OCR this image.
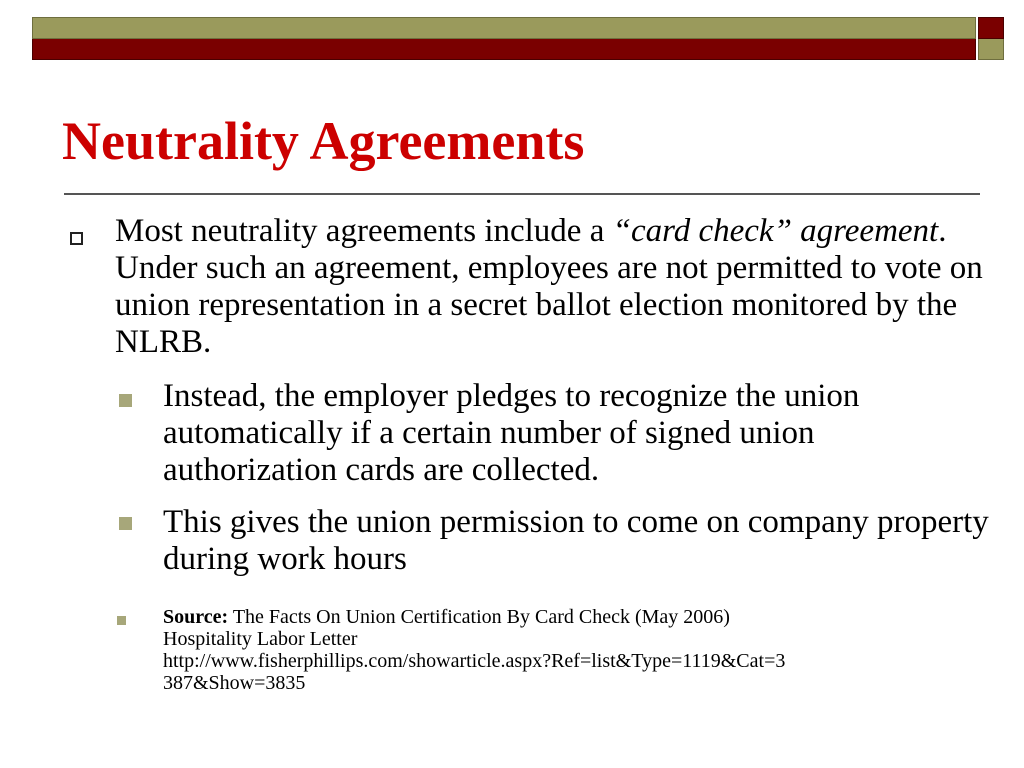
Neutrality Agreements
Most neutrality agreements include a “card check” agreement. Under such an agreement, employees are not permitted to vote on union representation in a secret ballot election monitored by the NLRB.
Instead, the employer pledges to recognize the union automatically if a certain number of signed union authorization cards are collected.
This gives the union permission to come on company property during work hours
Source: The Facts On Union Certification By Card Check (May 2006)
Hospitality Labor Letter
http://www.fisherphillips.com/showarticle.aspx?Ref=list&Type=1119&Cat=3
387&Show=3835
